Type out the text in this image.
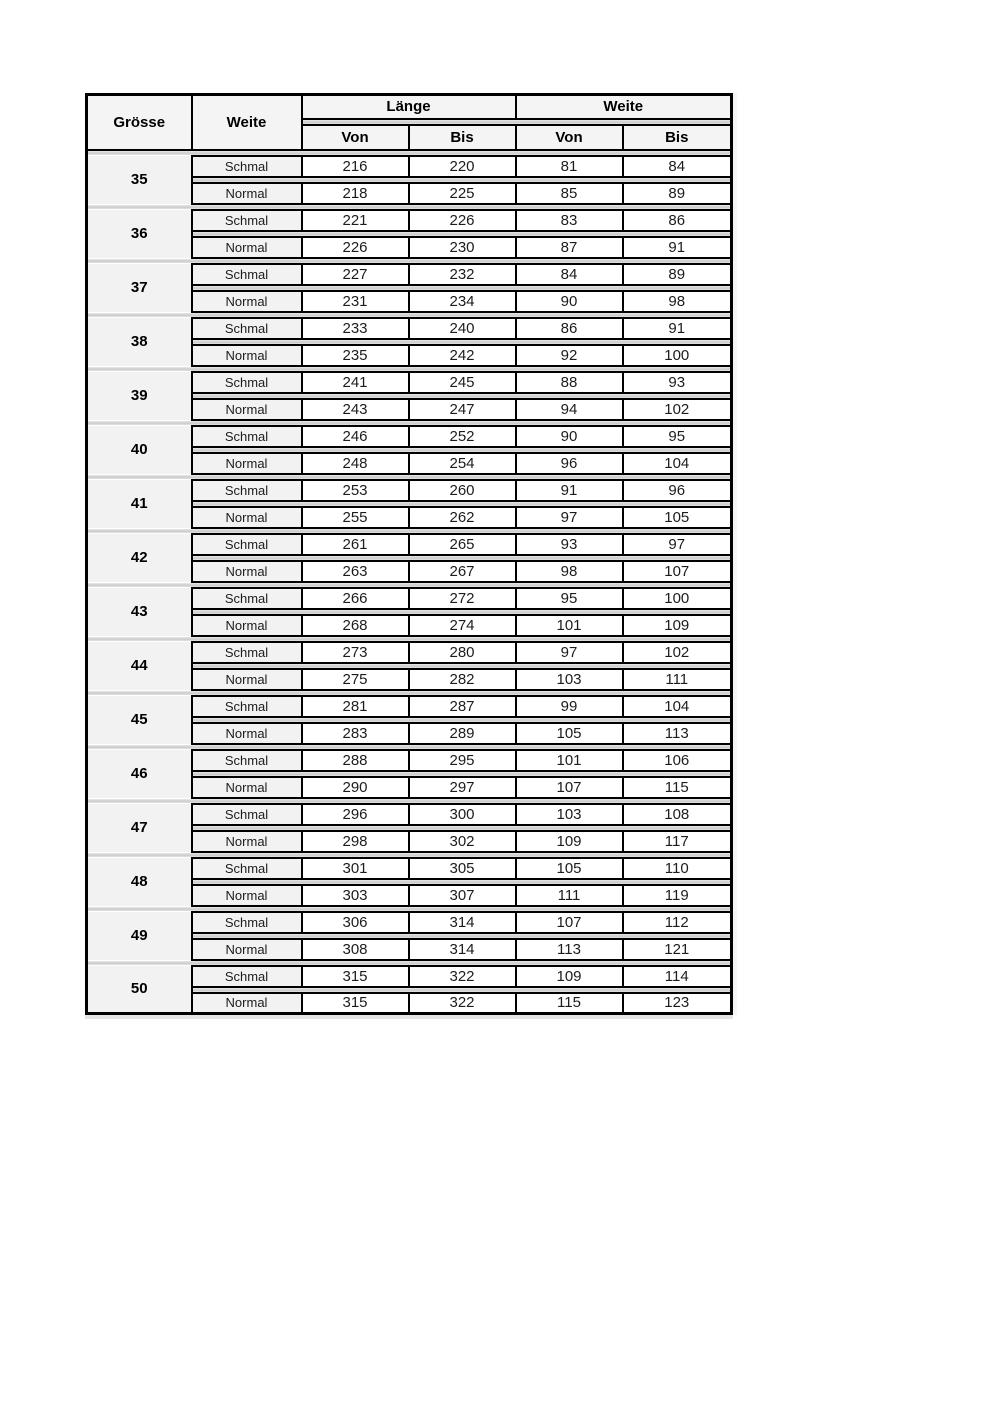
Grösse	Weite	Länge		Weite	

		Von	Bis	Von	Bis

35	Schmal	216	220	81	84

	Normal	218	225	85	89

36	Schmal	221	226	83	86

	Normal	226	230	87	91

37	Schmal	227	232	84	89

	Normal	231	234	90	98

38	Schmal	233	240	86	91

	Normal	235	242	92	100

39	Schmal	241	245	88	93

	Normal	243	247	94	102

40	Schmal	246	252	90	95

	Normal	248	254	96	104

41	Schmal	253	260	91	96

	Normal	255	262	97	105

42	Schmal	261	265	93	97

	Normal	263	267	98	107

43	Schmal	266	272	95	100

	Normal	268	274	101	109

44	Schmal	273	280	97	102

	Normal	275	282	103	111

45	Schmal	281	287	99	104

	Normal	283	289	105	113

46	Schmal	288	295	101	106

	Normal	290	297	107	115

47	Schmal	296	300	103	108

	Normal	298	302	109	117

48	Schmal	301	305	105	110

	Normal	303	307	111	119

49	Schmal	306	314	107	112

	Normal	308	314	113	121

50	Schmal	315	322	109	114

	Normal	315	322	115	123
